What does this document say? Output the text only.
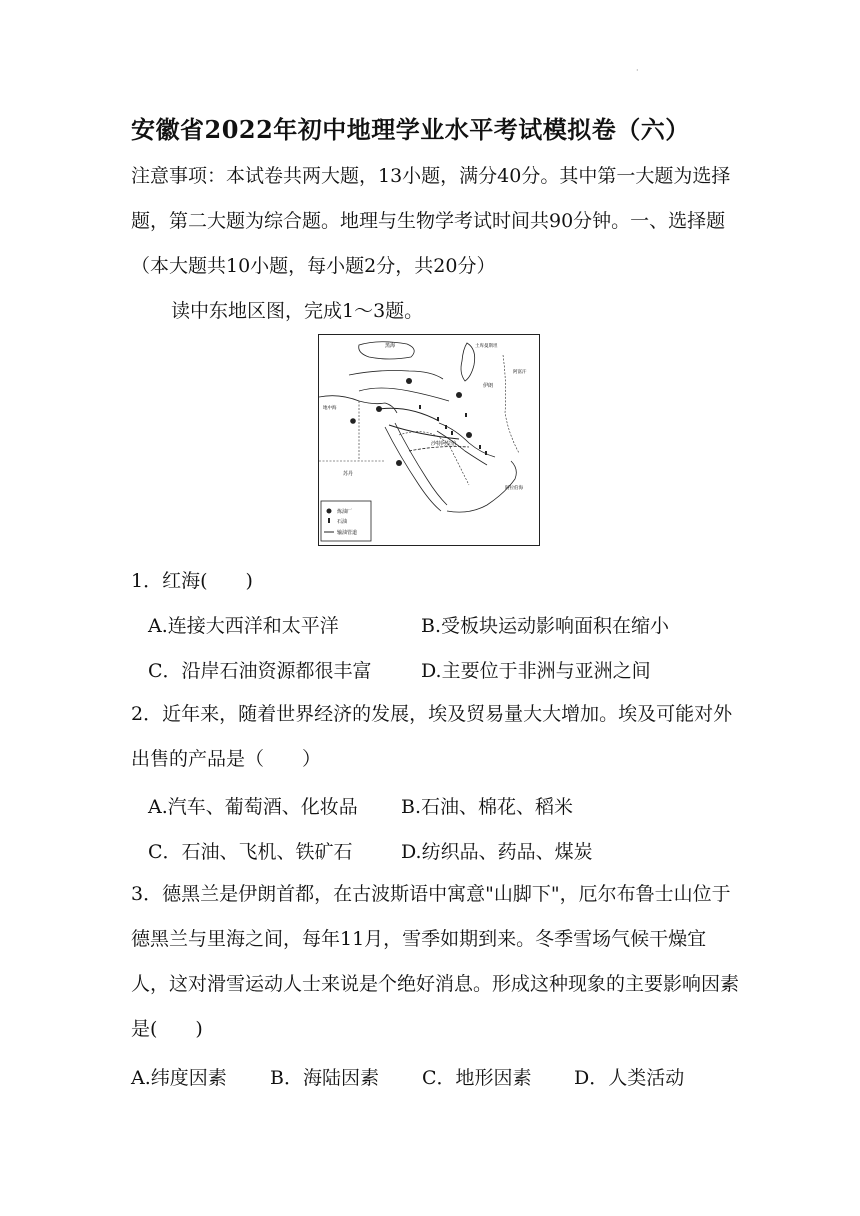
·
安徽省2022年初中地理学业水平考试模拟卷（六）
注意事项：本试卷共两大题，13小题，满分40分。其中第一大题为选择题，第二大题为综合题。地理与生物学考试时间共90分钟。一、选择题（本大题共10小题，每小题2分，共20分）
读中东地区图，完成1～3题。
黑海	土库曼斯坦
伊朗
阿富汗
地中海
沙特阿拉伯
苏丹
阿拉伯海
炼油厂
石油
输油管道
1．红海(　　)
A.连接大西洋和太平洋	B.受板块运动影响面积在缩小
C．沿岸石油资源都很丰富	D.主要位于非洲与亚洲之间
2．近年来，随着世界经济的发展，埃及贸易量大大增加。埃及可能对外出售的产品是（　　）
A.汽车、葡萄酒、化妆品 B.石油、棉花、稻米
C．石油、飞机、铁矿石	D.纺织品、药品、煤炭
3．德黑兰是伊朗首都，在古波斯语中寓意"山脚下"，厄尔布鲁士山位于德黑兰与里海之间，每年11月，雪季如期到来。冬季雪场气候干燥宜人，这对滑雪运动人士来说是个绝好消息。形成这种现象的主要影响因素是(　　)
A.纬度因素 B．海陆因素 C．地形因素 D．人类活动
